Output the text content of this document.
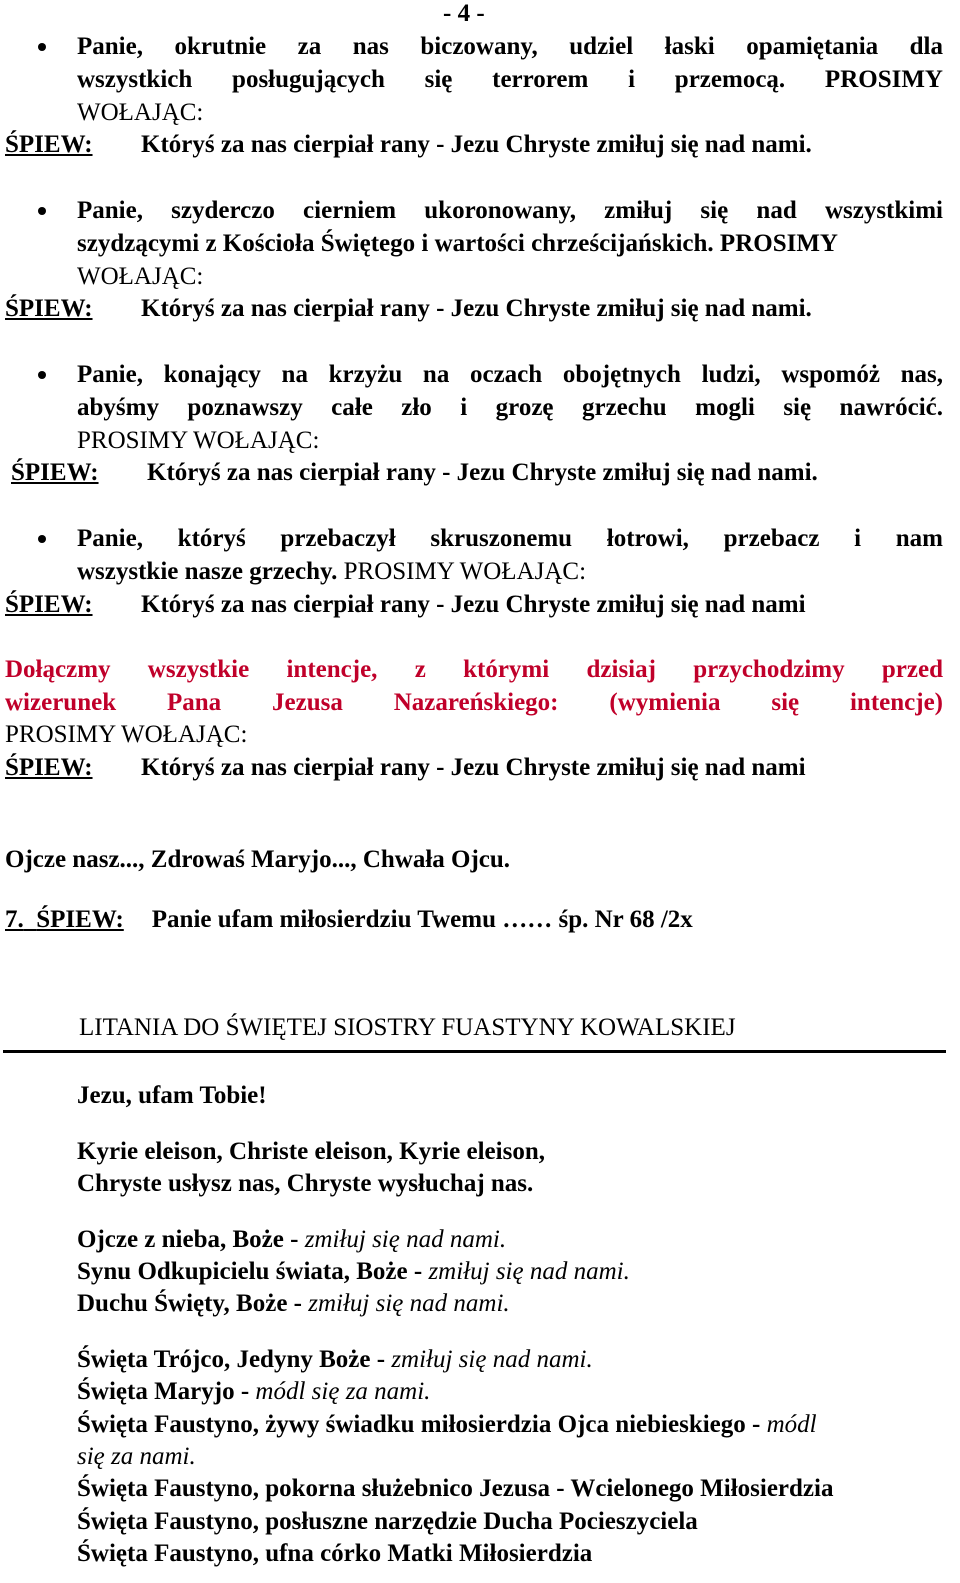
- 4 -
Panie, okrutnie za nas biczowany, udziel łaski opamiętania dla
wszystkich posługujących się terrorem i przemocą. PROSIMY
WOŁAJĄC:
ŚPIEW: Któryś za nas cierpiał rany - Jezu Chryste zmiłuj się nad nami.
Panie, szyderczo cierniem ukoronowany, zmiłuj się nad wszystkimi
szydzącymi z Kościoła Świętego i wartości chrześcijańskich. PROSIMY
WOŁAJĄC:
ŚPIEW: Któryś za nas cierpiał rany - Jezu Chryste zmiłuj się nad nami.
Panie, konający na krzyżu na oczach obojętnych ludzi, wspomóż nas,
abyśmy poznawszy całe zło i grozę grzechu mogli się nawrócić.
PROSIMY WOŁAJĄC:
ŚPIEW: Któryś za nas cierpiał rany - Jezu Chryste zmiłuj się nad nami.
Panie, któryś przebaczył skruszonemu łotrowi, przebacz i nam
wszystkie nasze grzechy. PROSIMY WOŁAJĄC:
ŚPIEW: Któryś za nas cierpiał rany - Jezu Chryste zmiłuj się nad nami
Dołączmy wszystkie intencje, z którymi dzisiaj przychodzimy przed
wizerunek Pana Jezusa Nazareńskiego: (wymienia się intencje)
PROSIMY WOŁAJĄC:
ŚPIEW: Któryś za nas cierpiał rany - Jezu Chryste zmiłuj się nad nami
Ojcze nasz..., Zdrowaś Maryjo..., Chwała Ojcu.
7. ŚPIEW: Panie ufam miłosierdziu Twemu …… śp. Nr 68 /2x
LITANIA DO ŚWIĘTEJ SIOSTRY FUASTYNY KOWALSKIEJ
Jezu, ufam Tobie!
Kyrie eleison, Christe eleison, Kyrie eleison,
Chryste usłysz nas, Chryste wysłuchaj nas.
Ojcze z nieba, Boże - zmiłuj się nad nami.
Synu Odkupicielu świata, Boże - zmiłuj się nad nami.
Duchu Święty, Boże - zmiłuj się nad nami.
Święta Trójco, Jedyny Boże - zmiłuj się nad nami.
Święta Maryjo - módl się za nami.
Święta Faustyno, żywy świadku miłosierdzia Ojca niebieskiego - módl
się za nami.
Święta Faustyno, pokorna służebnico Jezusa - Wcielonego Miłosierdzia
Święta Faustyno, posłuszne narzędzie Ducha Pocieszyciela
Święta Faustyno, ufna córko Matki Miłosierdzia
